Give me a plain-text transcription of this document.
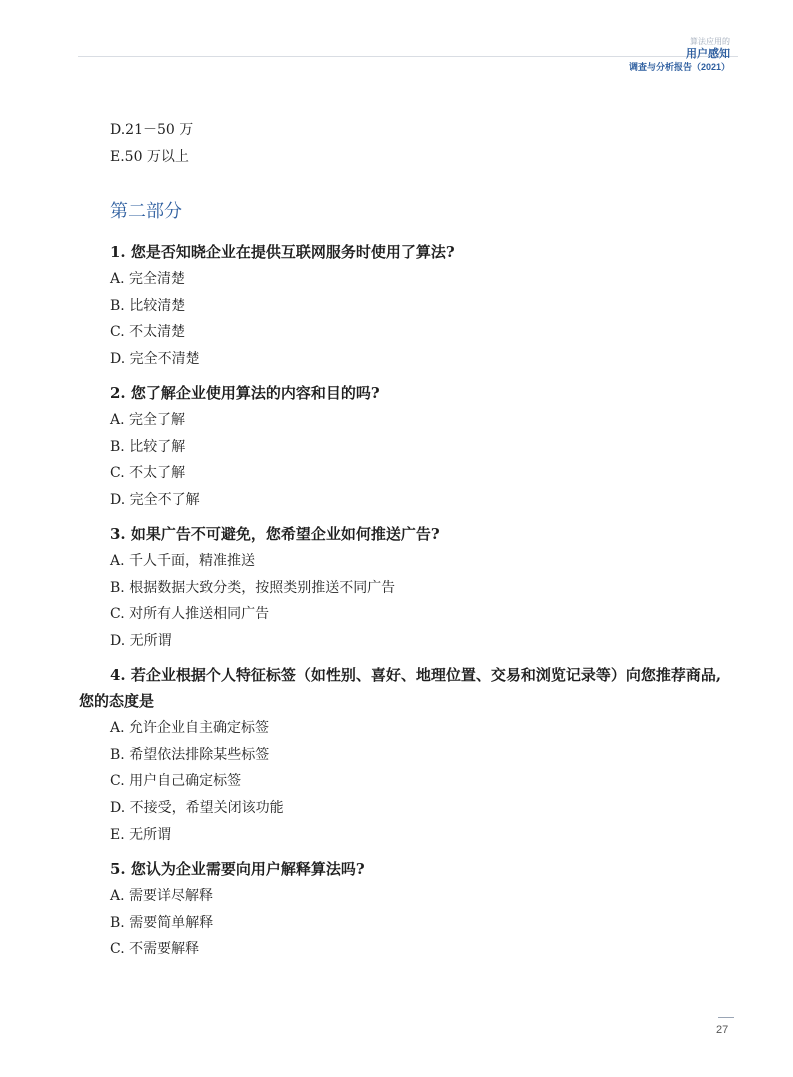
算法应用的
用户感知
调查与分析报告（2021）
D.21－50 万
E.50 万以上
第二部分
1. 您是否知晓企业在提供互联网服务时使用了算法?
A. 完全清楚
B. 比较清楚
C. 不太清楚
D. 完全不清楚
2. 您了解企业使用算法的内容和目的吗?
A. 完全了解
B. 比较了解
C. 不太了解
D. 完全不了解
3. 如果广告不可避免，您希望企业如何推送广告?
A. 千人千面，精准推送
B. 根据数据大致分类，按照类别推送不同广告
C. 对所有人推送相同广告
D. 无所谓
4. 若企业根据个人特征标签（如性别、喜好、地理位置、交易和浏览记录等）向您推荐商品,
您的态度是
A. 允许企业自主确定标签
B. 希望依法排除某些标签
C. 用户自己确定标签
D. 不接受，希望关闭该功能
E. 无所谓
5. 您认为企业需要向用户解释算法吗?
A. 需要详尽解释
B. 需要简单解释
C. 不需要解释
27
